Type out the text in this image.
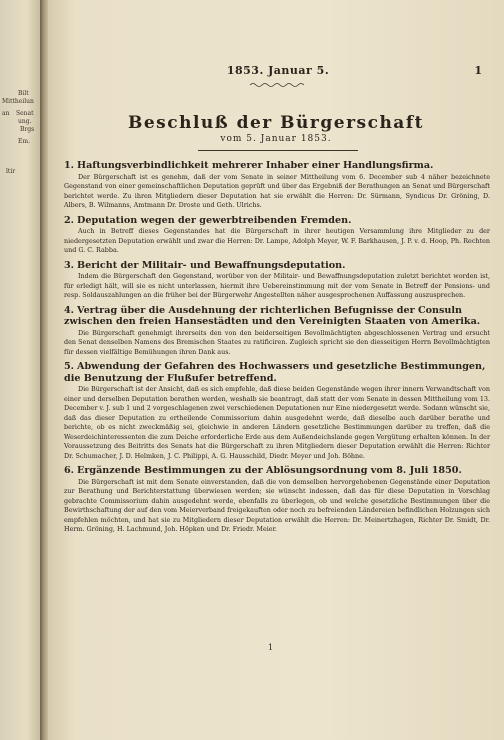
Bilt
Mittheilun
an Senat
ung.
Brgs
Em.
ltir
1853. Januar 5.	1
Beschluß der Bürgerschaft
vom 5. Januar 1853.
1. Haftungsverbindlichkeit mehrerer Inhaber einer Handlungsfirma.

Der Bürgerschaft ist es genehm, daß der vom Senate in seiner Mittheilung vom 6. December sub 4 näher bezeichnete Gegenstand von einer gemeinschaftlichen Deputation geprüft und über das Ergebniß der Berathungen an Senat und Bürgerschaft berichtet werde. Zu ihren Mitgliedern dieser Deputation hat sie erwählt die Herren: Dr. Sürmann, Syndicus Dr. Gröning, D. Albers, B. Wilmanns, Amtmann Dr. Droste und Geth. Ulrichs.

2. Deputation wegen der gewerbtreibenden Fremden.

Auch in Betreff dieses Gegenstandes hat die Bürgerschaft in ihrer heutigen Versammlung ihre Mitglieder zu der niedergesetzten Deputation erwählt und zwar die Herren: Dr. Lampe, Adolph Meyer, W. F. Barkhausen, J. P. v. d. Hoop, Ph. Rechten und G. C. Rabba.

3. Bericht der Militair- und Bewaffnungsdeputation.

Indem die Bürgerschaft den Gegenstand, worüber von der Militair- und Bewaffnungsdeputation zuletzt berichtet worden ist, für erledigt hält, will sie es nicht unterlassen, hiermit ihre Uebereinstimmung mit der vom Senate in Betreff der Pensions- und resp. Soldauszahlungen an die früher bei der Bürgerwehr Angestellten näher ausgesprochenen Auffassung auszusprechen.

4. Vertrag über die Ausdehnung der richterlichen Befugnisse der Consuln zwischen den freien Hansestädten und den Vereinigten Staaten von Amerika.

Die Bürgerschaft genehmigt ihrerseits den von den beiderseitigen Bevollmächtigten abgeschlossenen Vertrag und ersucht den Senat denselben Namens des Bremischen Staates zu ratificiren. Zugleich spricht sie den diesseitigen Herrn Bevollmächtigten für dessen vielfältige Bemühungen ihren Dank aus.

5. Abwendung der Gefahren des Hochwassers und gesetzliche Bestimmungen, die Benutzung der Flußufer betreffend.

Die Bürgerschaft ist der Ansicht, daß es sich empfehle, daß diese beiden Gegenstände wegen ihrer innern Verwandtschaft von einer und derselben Deputation berathen werden, weshalb sie beantragt, daß statt der vom Senate in dessen Mittheilung vom 13. December v. J. sub 1 und 2 vorgeschlagenen zwei verschiedenen Deputationen nur Eine niedergesetzt werde. Sodann wünscht sie, daß das dieser Deputation zu ertheilende Commissorium dahin ausgedehnt werde, daß dieselbe auch darüber berathe und berichte, ob es nicht zweckmäßig sei, gleichwie in anderen Ländern gesetzliche Bestimmungen darüber zu treffen, daß die Weserdeichinteressenten die zum Deiche erforderliche Erde aus dem Außendeichslande gegen Vergütung erhalten können. In der Voraussetzung des Beitritts des Senats hat die Bürgerschaft zu ihren Mitgliedern dieser Deputation erwählt die Herren: Richter Dr. Schumacher, J. D. Helmken, J. C. Philippi, A. G. Hausschild, Diedr. Meyer und Joh. Böhne.

6. Ergänzende Bestimmungen zu der Ablösungsordnung vom 8. Juli 1850.

Die Bürgerschaft ist mit dem Senate einverstanden, daß die von demselben hervorgehobenen Gegenstände einer Deputation zur Berathung und Berichterstattung überwiesen werden; sie wünscht indessen, daß das für diese Deputation in Vorschlag gebrachte Commissorium dahin ausgedehnt werde, ebenfalls zu überlegen, ob und welche gesetzliche Bestimmungen über die Bewirthschaftung der auf den vom Meierverband freigekauften oder noch zu befreienden Ländereien befindlichen Holzungen sich empfehlen möchten, und hat sie zu Mitgliedern dieser Deputation erwählt die Herren: Dr. Meinertzhagen, Richter Dr. Smidt, Dr. Herm. Gröning, H. Lachmund, Joh. Höpken und Dr. Friedr. Meier.

1
